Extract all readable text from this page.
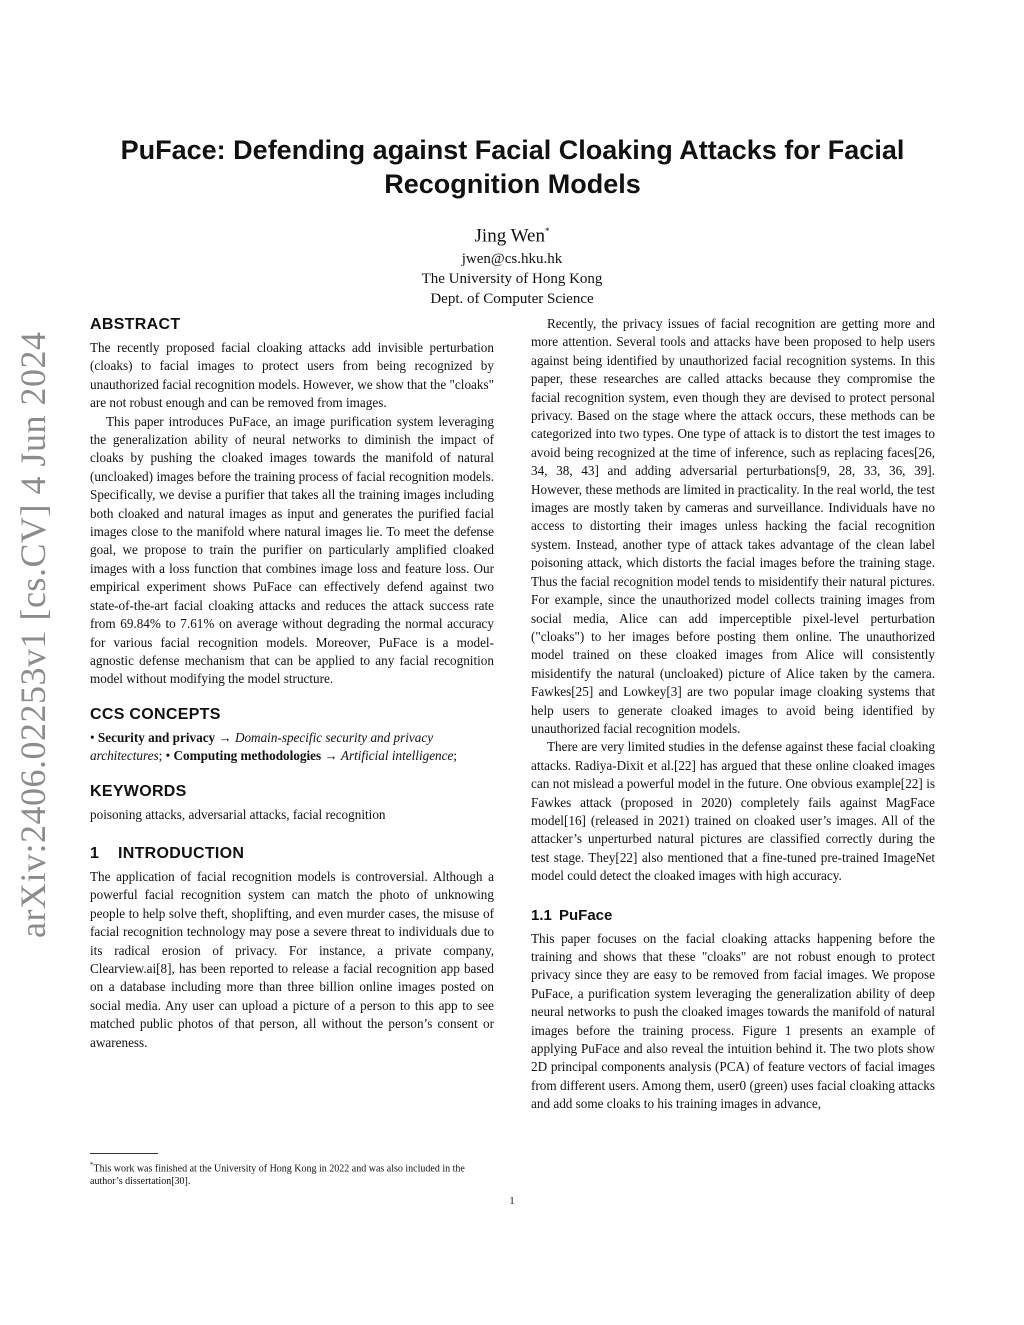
arXiv:2406.02253v1 [cs.CV] 4 Jun 2024
PuFace: Defending against Facial Cloaking Attacks for Facial Recognition Models
Jing Wen*
jwen@cs.hku.hk
The University of Hong Kong
Dept. of Computer Science
ABSTRACT

The recently proposed facial cloaking attacks add invisible perturbation (cloaks) to facial images to protect users from being recognized by unauthorized facial recognition models. However, we show that the "cloaks" are not robust enough and can be removed from images.

This paper introduces PuFace, an image purification system leveraging the generalization ability of neural networks to diminish the impact of cloaks by pushing the cloaked images towards the manifold of natural (uncloaked) images before the training process of facial recognition models. Specifically, we devise a purifier that takes all the training images including both cloaked and natural images as input and generates the purified facial images close to the manifold where natural images lie. To meet the defense goal, we propose to train the purifier on particularly amplified cloaked images with a loss function that combines image loss and feature loss. Our empirical experiment shows PuFace can effectively defend against two state-of-the-art facial cloaking attacks and reduces the attack success rate from 69.84% to 7.61% on average without degrading the normal accuracy for various facial recognition models. Moreover, PuFace is a model-agnostic defense mechanism that can be applied to any facial recognition model without modifying the model structure.

CCS CONCEPTS

• Security and privacy → Domain-specific security and privacy architectures; • Computing methodologies → Artificial intelligence;

KEYWORDS

poisoning attacks, adversarial attacks, facial recognition

1 INTRODUCTION

The application of facial recognition models is controversial. Although a powerful facial recognition system can match the photo of unknowing people to help solve theft, shoplifting, and even murder cases, the misuse of facial recognition technology may pose a severe threat to individuals due to its radical erosion of privacy. For instance, a private company, Clearview.ai[8], has been reported to release a facial recognition app based on a database including more than three billion online images posted on social media. Any user can upload a picture of a person to this app to see matched public photos of that person, all without the person’s consent or awareness.

Recently, the privacy issues of facial recognition are getting more and more attention. Several tools and attacks have been proposed to help users against being identified by unauthorized facial recognition systems. In this paper, these researches are called attacks because they compromise the facial recognition system, even though they are devised to protect personal privacy. Based on the stage where the attack occurs, these methods can be categorized into two types. One type of attack is to distort the test images to avoid being recognized at the time of inference, such as replacing faces[26, 34, 38, 43] and adding adversarial perturbations[9, 28, 33, 36, 39]. However, these methods are limited in practicality. In the real world, the test images are mostly taken by cameras and surveillance. Individuals have no access to distorting their images unless hacking the facial recognition system. Instead, another type of attack takes advantage of the clean label poisoning attack, which distorts the facial images before the training stage. Thus the facial recognition model tends to misidentify their natural pictures. For example, since the unauthorized model collects training images from social media, Alice can add imperceptible pixel-level perturbation ("cloaks") to her images before posting them online. The unauthorized model trained on these cloaked images from Alice will consistently misidentify the natural (uncloaked) picture of Alice taken by the camera. Fawkes[25] and Lowkey[3] are two popular image cloaking systems that help users to generate cloaked images to avoid being identified by unauthorized facial recognition models.

There are very limited studies in the defense against these facial cloaking attacks. Radiya-Dixit et al.[22] has argued that these online cloaked images can not mislead a powerful model in the future. One obvious example[22] is Fawkes attack (proposed in 2020) completely fails against MagFace model[16] (released in 2021) trained on cloaked user’s images. All of the attacker’s unperturbed natural pictures are classified correctly during the test stage. They[22] also mentioned that a fine-tuned pre-trained ImageNet model could detect the cloaked images with high accuracy.

1.1 PuFace

This paper focuses on the facial cloaking attacks happening before the training and shows that these "cloaks" are not robust enough to protect privacy since they are easy to be removed from facial images. We propose PuFace, a purification system leveraging the generalization ability of deep neural networks to push the cloaked images towards the manifold of natural images before the training process. Figure 1 presents an example of applying PuFace and also reveal the intuition behind it. The two plots show 2D principal components analysis (PCA) of feature vectors of facial images from different users. Among them, user0 (green) uses facial cloaking attacks and add some cloaks to his training images in advance,

*This work was finished at the University of Hong Kong in 2022 and was also included in the author’s dissertation[30].
1
